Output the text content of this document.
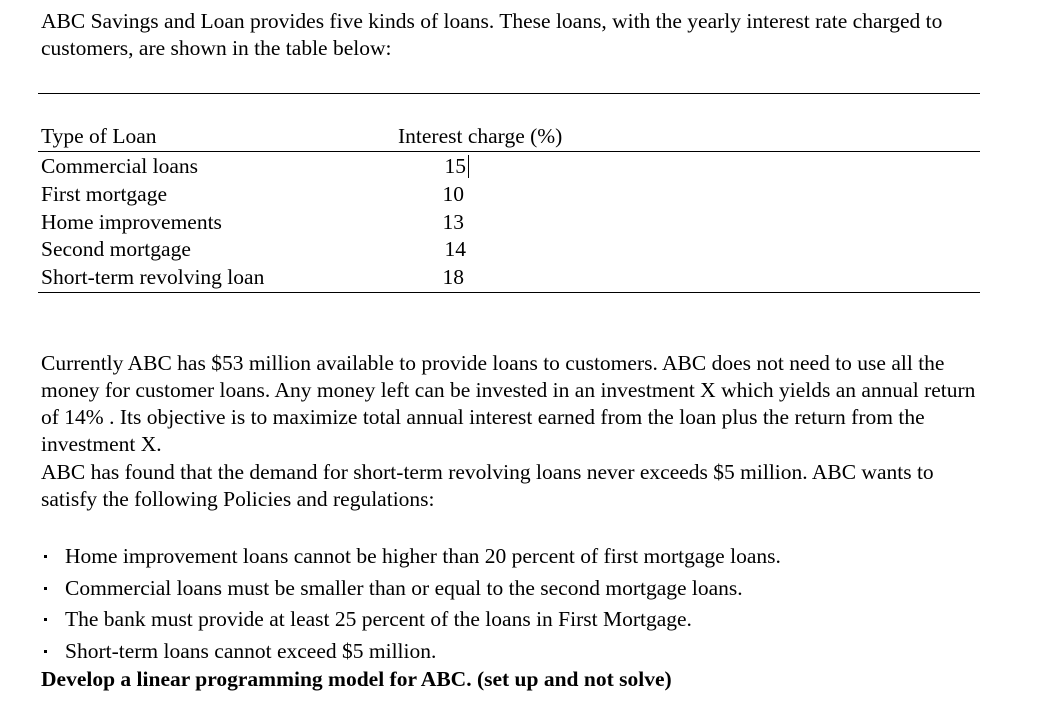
ABC Savings and Loan provides five kinds of loans. These loans, with the yearly interest rate charged to customers, are shown in the table below:

Type of Loan	Interest charge (%)
Commercial loans	15
First mortgage	10
Home improvements	13
Second mortgage	14
Short-term revolving loan	18

Currently ABC has $53 million available to provide loans to customers. ABC does not need to use all the money for customer loans. Any money left can be invested in an investment X which yields an annual return of 14% . Its objective is to maximize total annual interest earned from the loan plus the return from the investment X.

ABC has found that the demand for short-term revolving loans never exceeds $5 million. ABC wants to satisfy the following Policies and regulations:

Home improvement loans cannot be higher than 20 percent of first mortgage loans.
Commercial loans must be smaller than or equal to the second mortgage loans.
The bank must provide at least 25 percent of the loans in First Mortgage.
Short-term loans cannot exceed $5 million.
Develop a linear programming model for ABC. (set up and not solve)
